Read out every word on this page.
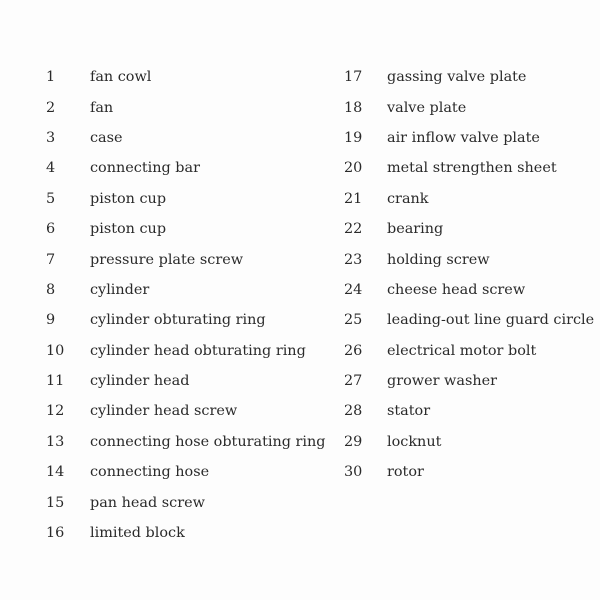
1	fan cowl
2	fan
3	case
4	connecting bar
5	piston cup
6	piston cup
7	pressure plate screw
8	cylinder
9	cylinder obturating ring
10	cylinder head obturating ring
11	cylinder head
12	cylinder head screw
13	connecting hose obturating ring
14	connecting hose
15	pan head screw
16	limited block
17	gassing valve plate
18	valve plate
19	air inflow valve plate
20	metal strengthen sheet
21	crank
22	bearing
23	holding screw
24	cheese head screw
25	leading-out line guard circle
26	electrical motor bolt
27	grower washer
28	stator
29	locknut
30	rotor
